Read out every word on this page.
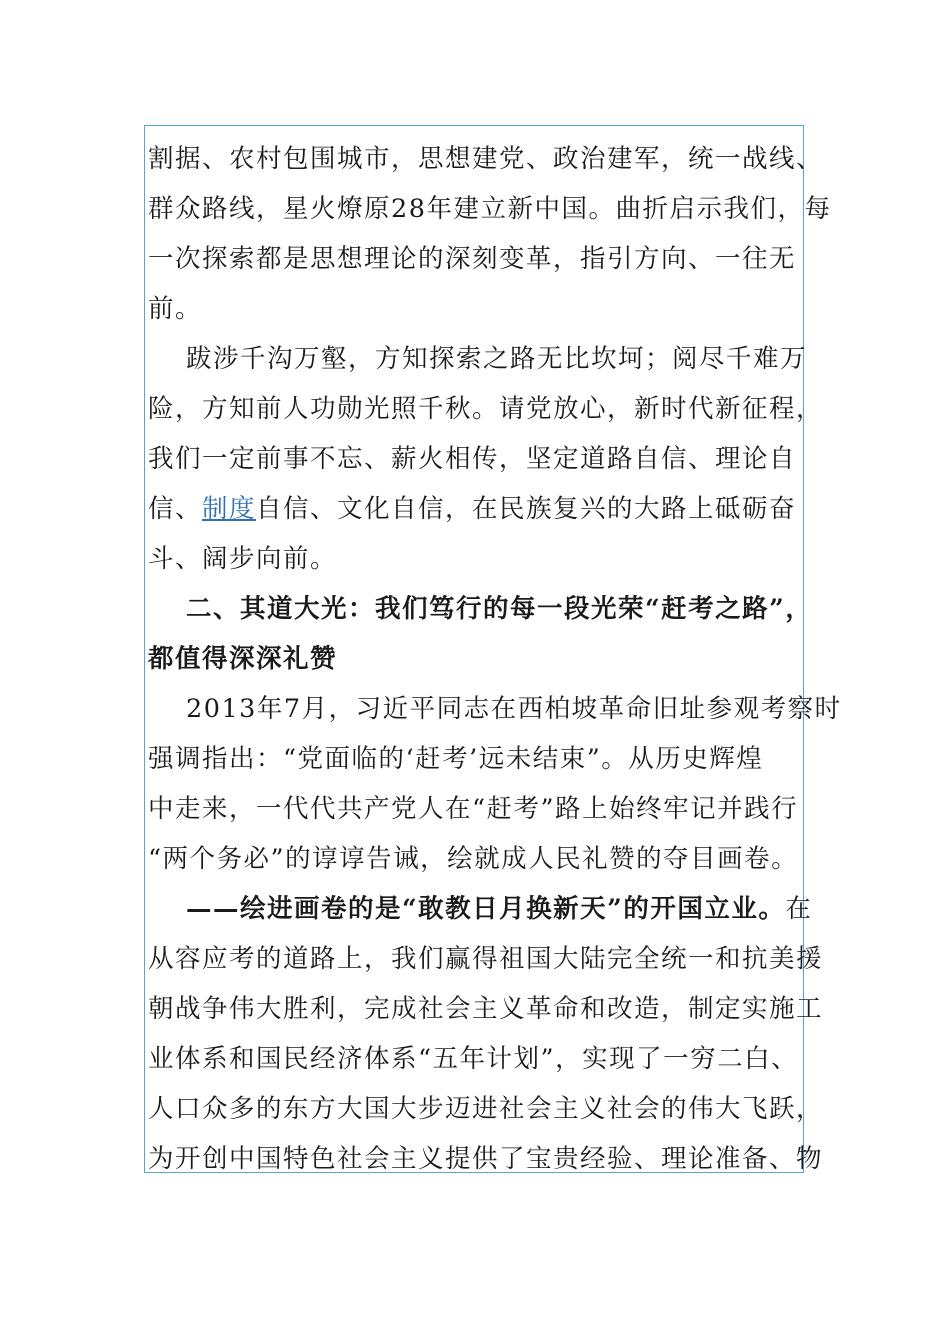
割据、农村包围城市，思想建党、政治建军，统一战线、
群众路线，星火燎原28年建立新中国。曲折启示我们，每
一次探索都是思想理论的深刻变革，指引方向、一往无
前。
跋涉千沟万壑，方知探索之路无比坎坷；阅尽千难万
险，方知前人功勋光照千秋。请党放心，新时代新征程，
我们一定前事不忘、薪火相传，坚定道路自信、理论自
信、制度自信、文化自信，在民族复兴的大路上砥砺奋
斗、阔步向前。
二、其道大光：我们笃行的每一段光荣“赶考之路”，
都值得深深礼赞
2013年7月，习近平同志在西柏坡革命旧址参观考察时
强调指出：“党面临的‘赶考’远未结束”。从历史辉煌
中走来，一代代共产党人在“赶考”路上始终牢记并践行
“两个务必”的谆谆告诫，绘就成人民礼赞的夺目画卷。
——绘进画卷的是“敢教日月换新天”的开国立业。在
从容应考的道路上，我们赢得祖国大陆完全统一和抗美援
朝战争伟大胜利，完成社会主义革命和改造，制定实施工
业体系和国民经济体系“五年计划”，实现了一穷二白、
人口众多的东方大国大步迈进社会主义社会的伟大飞跃，
为开创中国特色社会主义提供了宝贵经验、理论准备、物
